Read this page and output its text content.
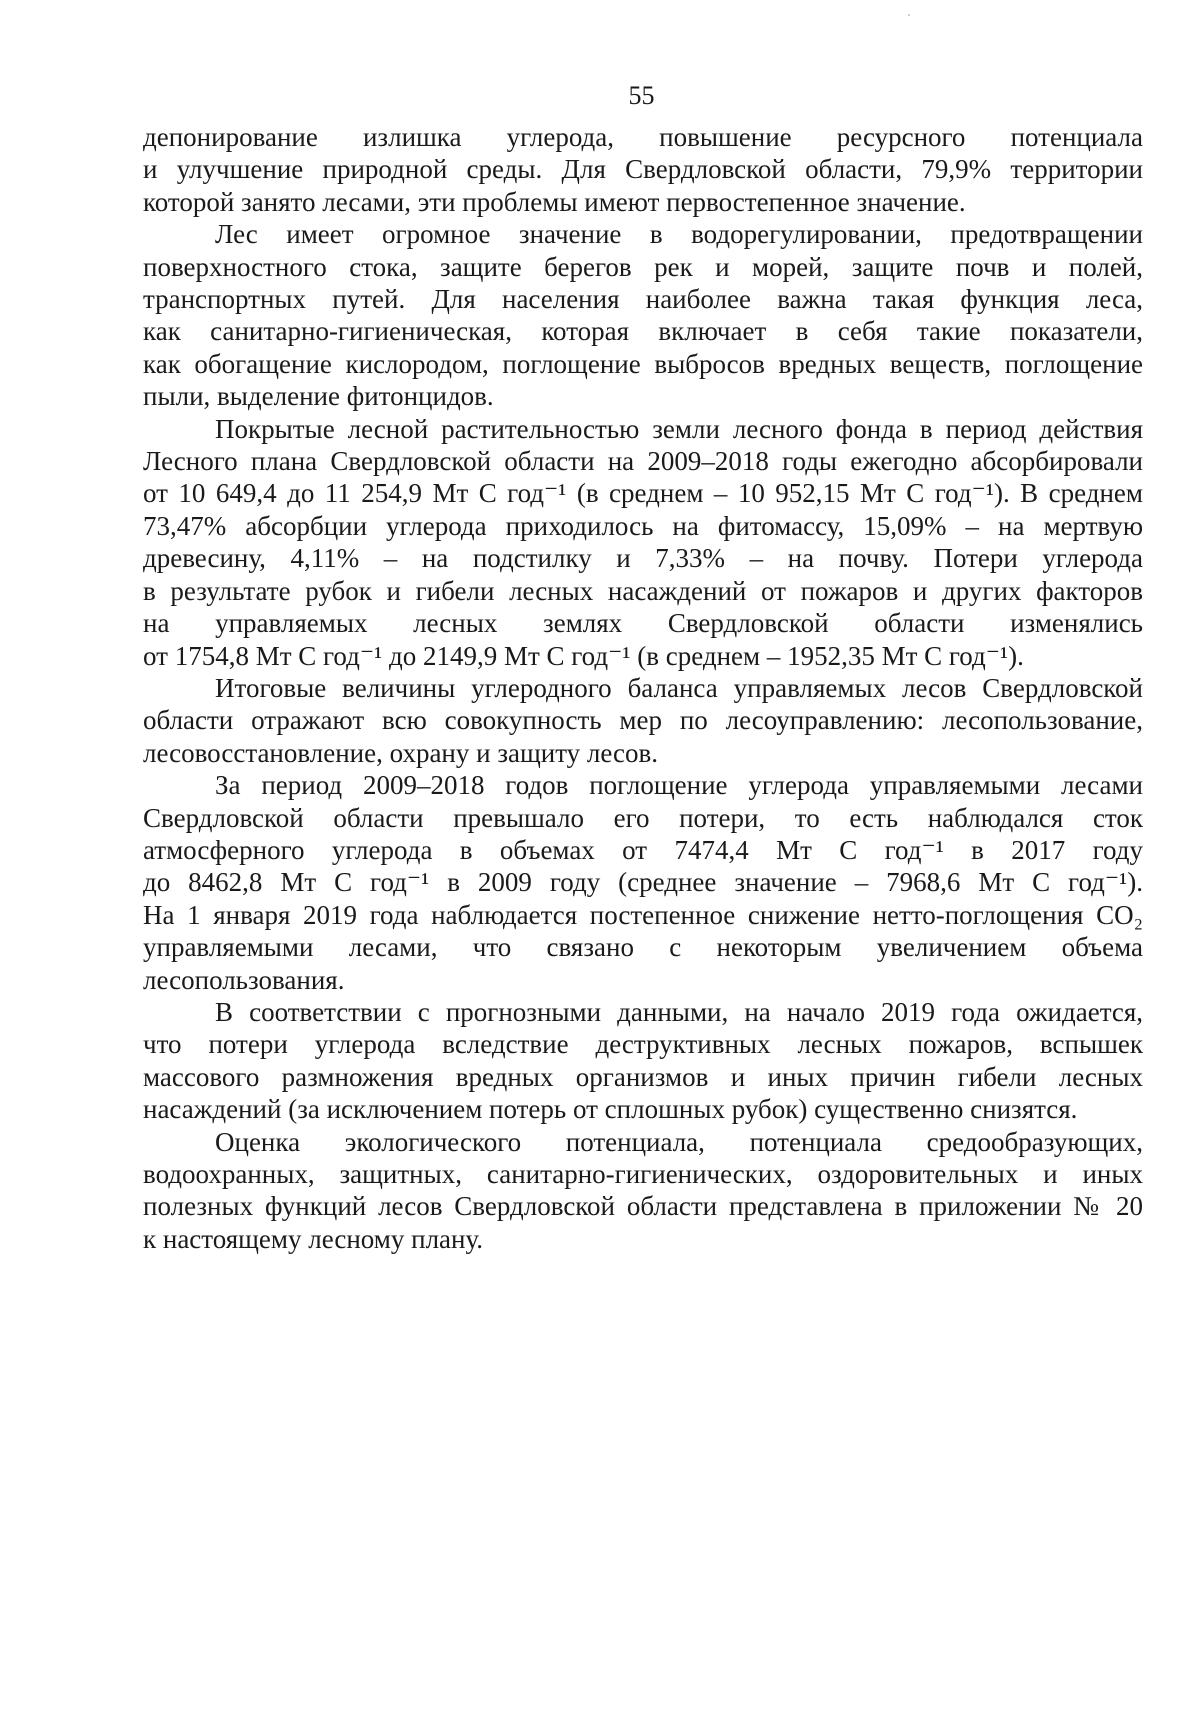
55

депонирование излишка углерода, повышение ресурсного потенциала
и улучшение природной среды. Для Свердловской области, 79,9% территории
которой занято лесами, эти проблемы имеют первостепенное значение.

Лес имеет огромное значение в водорегулировании, предотвращении
поверхностного стока, защите берегов рек и морей, защите почв и полей,
транспортных путей. Для населения наиболее важна такая функция леса,
как санитарно-гигиеническая, которая включает в себя такие показатели,
как обогащение кислородом, поглощение выбросов вредных веществ, поглощение
пыли, выделение фитонцидов.

Покрытые лесной растительностью земли лесного фонда в период действия
Лесного плана Свердловской области на 2009–2018 годы ежегодно абсорбировали
от 10 649,4 до 11 254,9 Мт С год⁻¹ (в среднем – 10 952,15 Мт С год⁻¹). В среднем
73,47% абсорбции углерода приходилось на фитомассу, 15,09% – на мертвую
древесину, 4,11% – на подстилку и 7,33% – на почву. Потери углерода
в результате рубок и гибели лесных насаждений от пожаров и других факторов
на управляемых лесных землях Свердловской области изменялись
от 1754,8 Мт С год⁻¹ до 2149,9 Мт С год⁻¹ (в среднем – 1952,35 Мт С год⁻¹).

Итоговые величины углеродного баланса управляемых лесов Свердловской
области отражают всю совокупность мер по лесоуправлению: лесопользование,
лесовосстановление, охрану и защиту лесов.

За период 2009–2018 годов поглощение углерода управляемыми лесами
Свердловской области превышало его потери, то есть наблюдался сток
атмосферного углерода в объемах от 7474,4 Мт С год⁻¹ в 2017 году
до 8462,8 Мт С год⁻¹ в 2009 году (среднее значение – 7968,6 Мт С год⁻¹).
На 1 января 2019 года наблюдается постепенное снижение нетто-поглощения CO₂
управляемыми лесами, что связано с некоторым увеличением объема
лесопользования.

В соответствии с прогнозными данными, на начало 2019 года ожидается,
что потери углерода вследствие деструктивных лесных пожаров, вспышек
массового размножения вредных организмов и иных причин гибели лесных
насаждений (за исключением потерь от сплошных рубок) существенно снизятся.

Оценка экологического потенциала, потенциала средообразующих,
водоохранных, защитных, санитарно-гигиенических, оздоровительных и иных
полезных функций лесов Свердловской области представлена в приложении № 20
к настоящему лесному плану.
